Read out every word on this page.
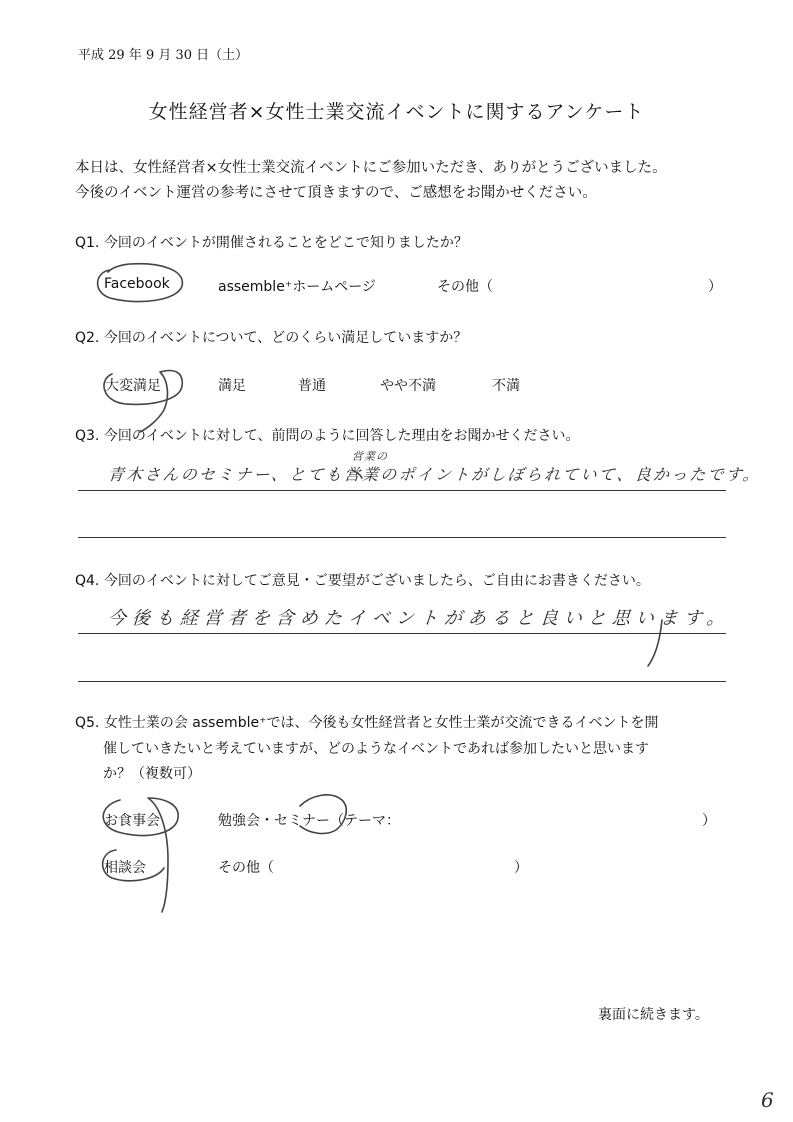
平成 29 年 9 月 30 日（土）
女性経営者×女性士業交流イベントに関するアンケート
本日は、女性経営者×女性士業交流イベントにご参加いただき、ありがとうございました。
今後のイベント運営の参考にさせて頂きますので、ご感想をお聞かせください。
Q1. 今回のイベントが開催されることをどこで知りましたか？
Facebook	assemble⁺ホームページ	その他（	）
Q2. 今回のイベントについて、どのくらい満足していますか？
大変満足	満足	普通	やや不満	不満
Q3. 今回のイベントに対して、前問のように回答した理由をお聞かせください。
営業の
青木さんのセミナー、とても営業のポイントがしぼられていて、良かったです。
Q4. 今回のイベントに対してご意見・ご要望がございましたら、ご自由にお書きください。
今後も経営者を含めたイベントがあると良いと思います。
Q5. 女性士業の会 assemble⁺では、今後も女性経営者と女性士業が交流できるイベントを開
催していきたいと考えていますが、どのようなイベントであれば参加したいと思います
か？（複数可）
お食事会	勉強会・セミナー（テーマ：	）
相談会	その他（	）
裏面に続きます。
6
